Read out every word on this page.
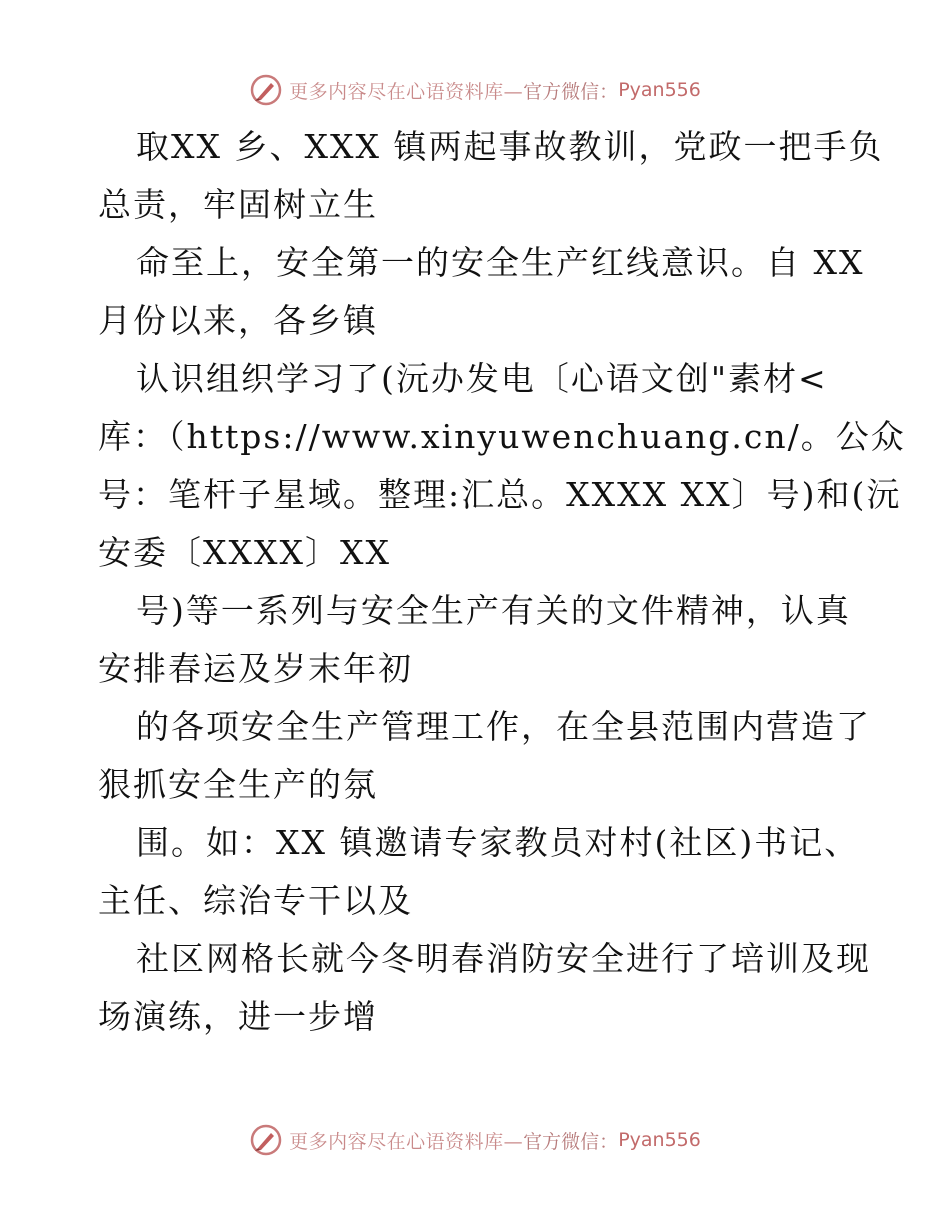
更多内容尽在心语资料库— 官方微信： Pyan556
取XX 乡、XXX 镇两起事故教训，党政一把手负
总责，牢固树立生
命至上，安全第一的安全生产红线意识。自 XX
月份以来，各乡镇
认识组织学习了(沅办发电〔心语文创"素材<
库：（https://www.xinyuwenchuang.cn/。公众
号：笔杆子星域。整理:汇总。XXXX XX〕号)和(沅
安委〔XXXX〕XX
号)等一系列与安全生产有关的文件精神，认真
安排春运及岁末年初
的各项安全生产管理工作，在全县范围内营造了
狠抓安全生产的氛
围。如：XX 镇邀请专家教员对村(社区)书记、
主任、综治专干以及
社区网格长就今冬明春消防安全进行了培训及现
场演练，进一步增
更多内容尽在心语资料库— 官方微信： Pyan556
